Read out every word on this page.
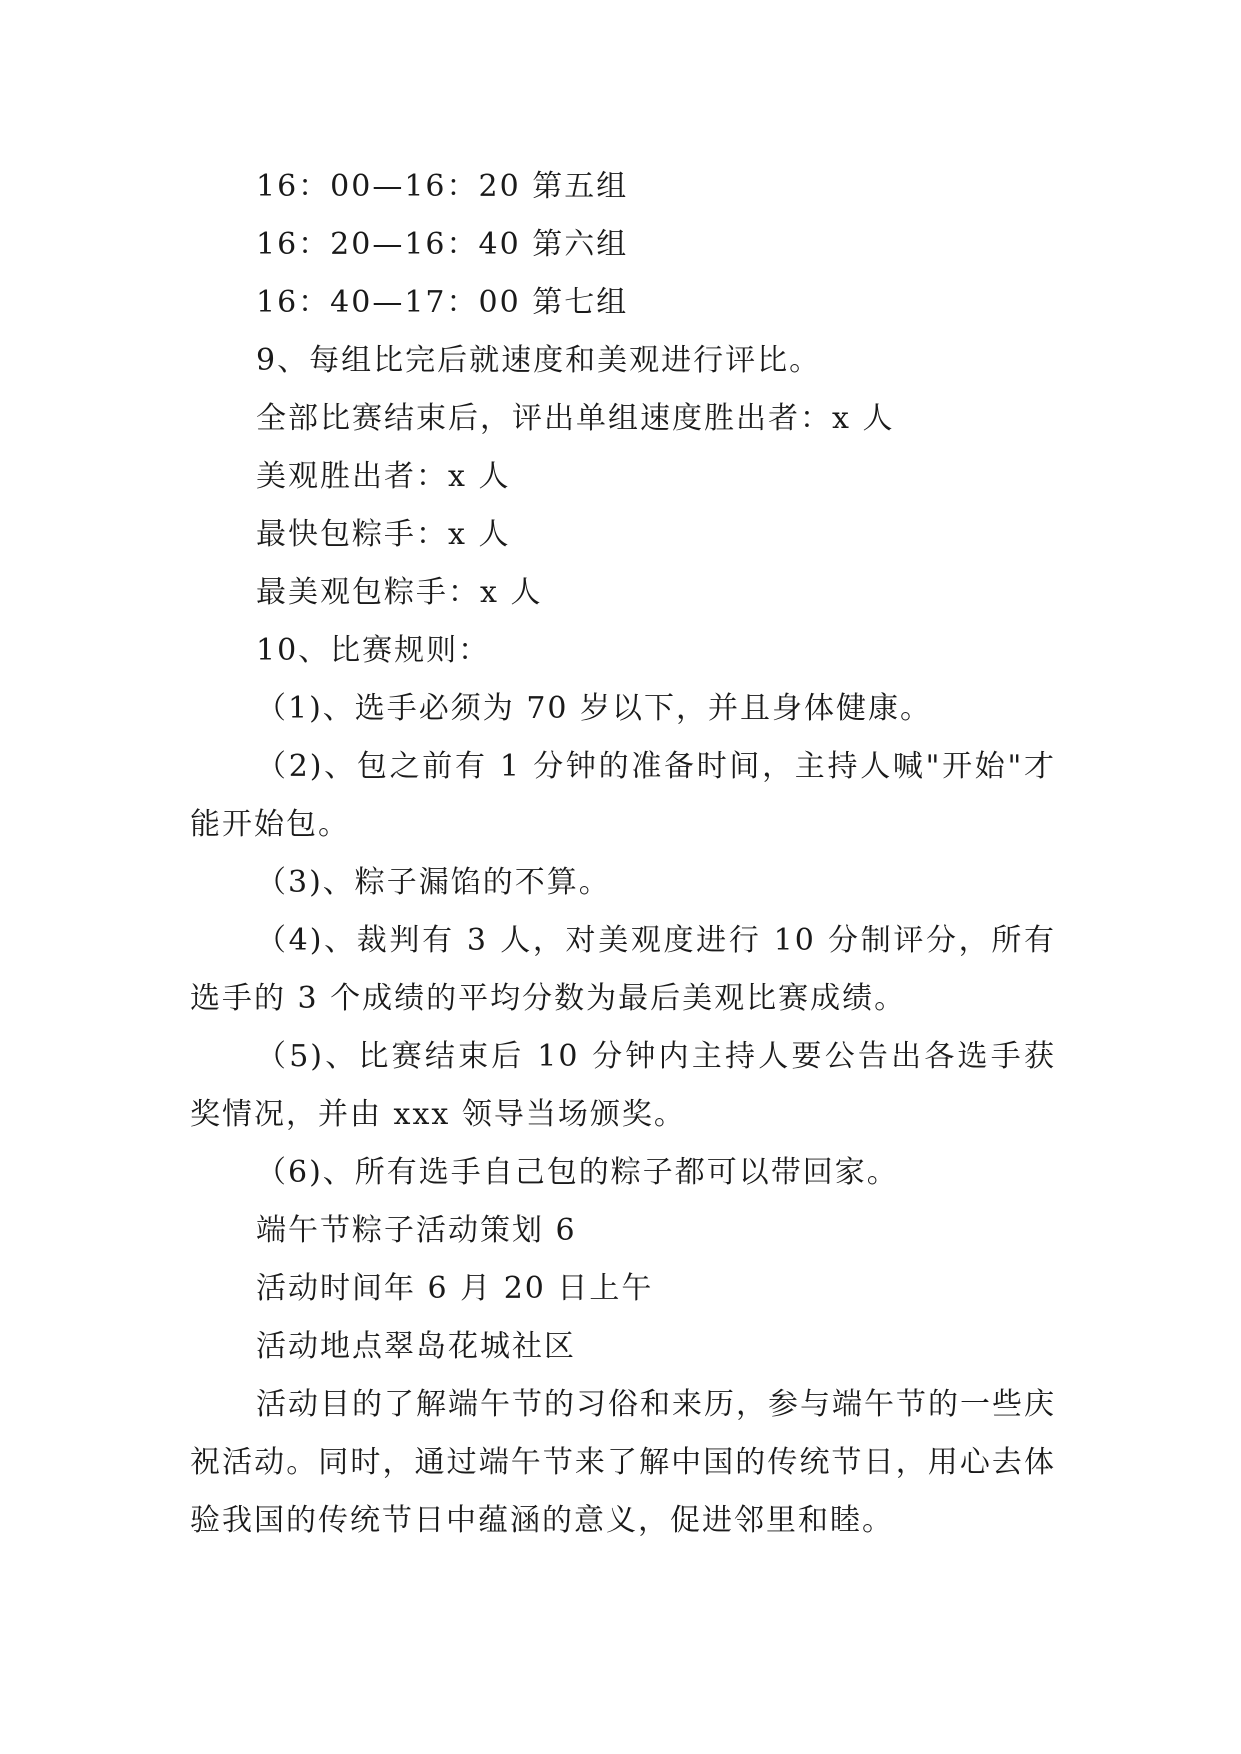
16：00—16：20 第五组

16：20—16：40 第六组

16：40—17：00 第七组

9、每组比完后就速度和美观进行评比。

全部比赛结束后，评出单组速度胜出者：x 人

美观胜出者：x 人

最快包粽手：x 人

最美观包粽手：x 人

10、比赛规则：

（1)、选手必须为 70 岁以下，并且身体健康。

（2)、包之前有 1 分钟的准备时间，主持人喊"开始"才能开始包。

（3)、粽子漏馅的不算。

（4)、裁判有 3 人，对美观度进行 10 分制评分，所有选手的 3 个成绩的平均分数为最后美观比赛成绩。

（5)、比赛结束后 10 分钟内主持人要公告出各选手获奖情况，并由 xxx 领导当场颁奖。

（6)、所有选手自己包的粽子都可以带回家。

端午节粽子活动策划 6

活动时间年 6 月 20 日上午

活动地点翠岛花城社区

活动目的了解端午节的习俗和来历，参与端午节的一些庆祝活动。同时，通过端午节来了解中国的传统节日，用心去体验我国的传统节日中蕴涵的意义，促进邻里和睦。
